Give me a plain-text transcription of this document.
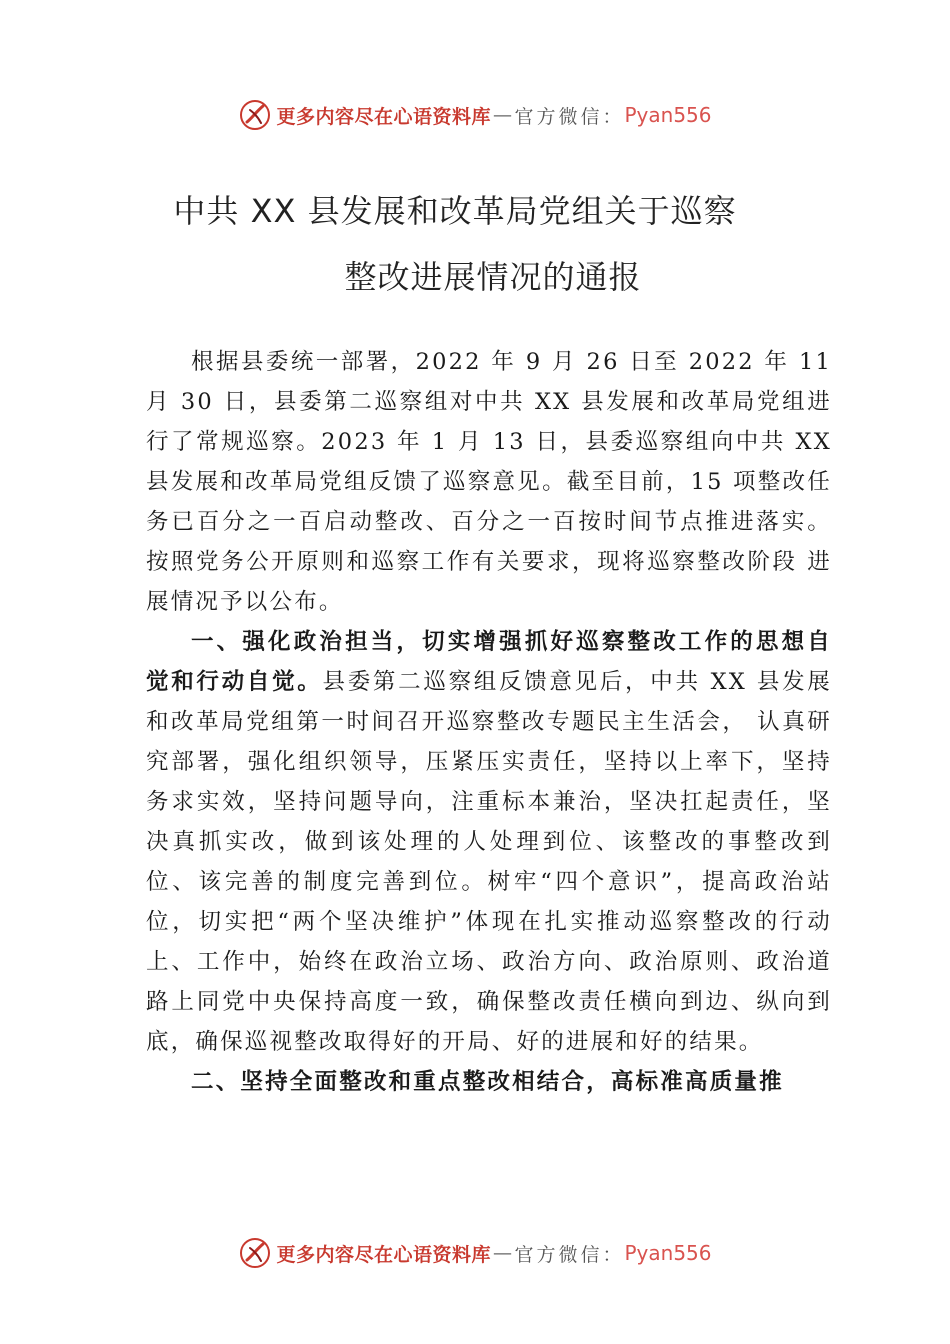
更多内容尽在心语资料库 — 官方微信： Pyan556
中共 XX 县发展和改革局党组关于巡察
整改进展情况的通报

根据县委统一部署，2022 年 9 月 26 日至 2022 年 11 月 30 日，县委第二巡察组对中共 XX 县发展和改革局党组进行了常规巡察。2023 年 1 月 13 日，县委巡察组向中共 XX 县发展和改革局党组反馈了巡察意见。截至目前，15 项整改任务已百分之一百启动整改、百分之一百按时间节点推进落实。按照党务公开原则和巡察工作有关要求，现将巡察整改阶段 进展情况予以公布。

一、强化政治担当，切实增强抓好巡察整改工作的思想自觉和行动自觉。县委第二巡察组反馈意见后，中共 XX 县发展和改革局党组第一时间召开巡察整改专题民主生活会， 认真研究部署，强化组织领导，压紧压实责任，坚持以上率下，坚持务求实效，坚持问题导向，注重标本兼治，坚决扛起责任，坚决真抓实改，做到该处理的人处理到位、该整改的事整改到位、该完善的制度完善到位。树牢“四个意识”，提高政治站位，切实把“两个坚决维护”体现在扎实推动巡察整改的行动上、工作中，始终在政治立场、政治方向、政治原则、政治道路上同党中央保持高度一致，确保整改责任横向到边、纵向到底，确保巡视整改取得好的开局、好的进展和好的结果。

二、坚持全面整改和重点整改相结合，高标准高质量推

更多内容尽在心语资料库 — 官方微信： Pyan556
